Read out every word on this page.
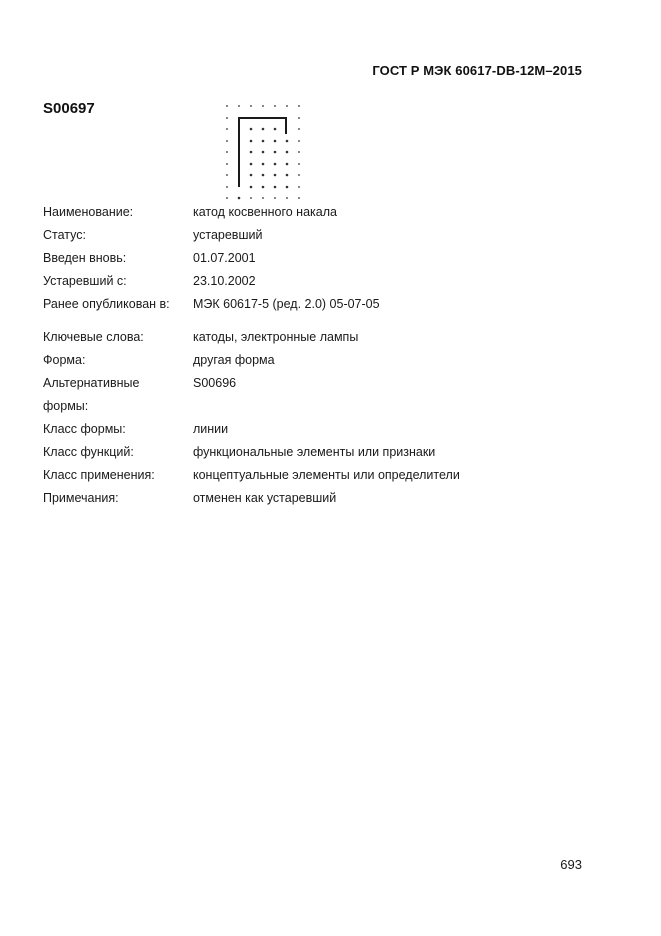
ГОСТ Р МЭК 60617-DB-12M–2015
S00697
Наименование:	катод косвенного накала
Статус:	устаревший
Введен вновь:	01.07.2001
Устаревший с:	23.10.2002
Ранее опубликован в:	МЭК 60617-5 (ред. 2.0) 05-07-05
Ключевые слова:	катоды, электронные лампы
Форма:	другая форма
Альтернативные	S00696
формы:
Класс формы:	линии
Класс функций:	функциональные элементы или признаки
Класс применения:	концептуальные элементы или определители
Примечания:	отменен как устаревший
693
